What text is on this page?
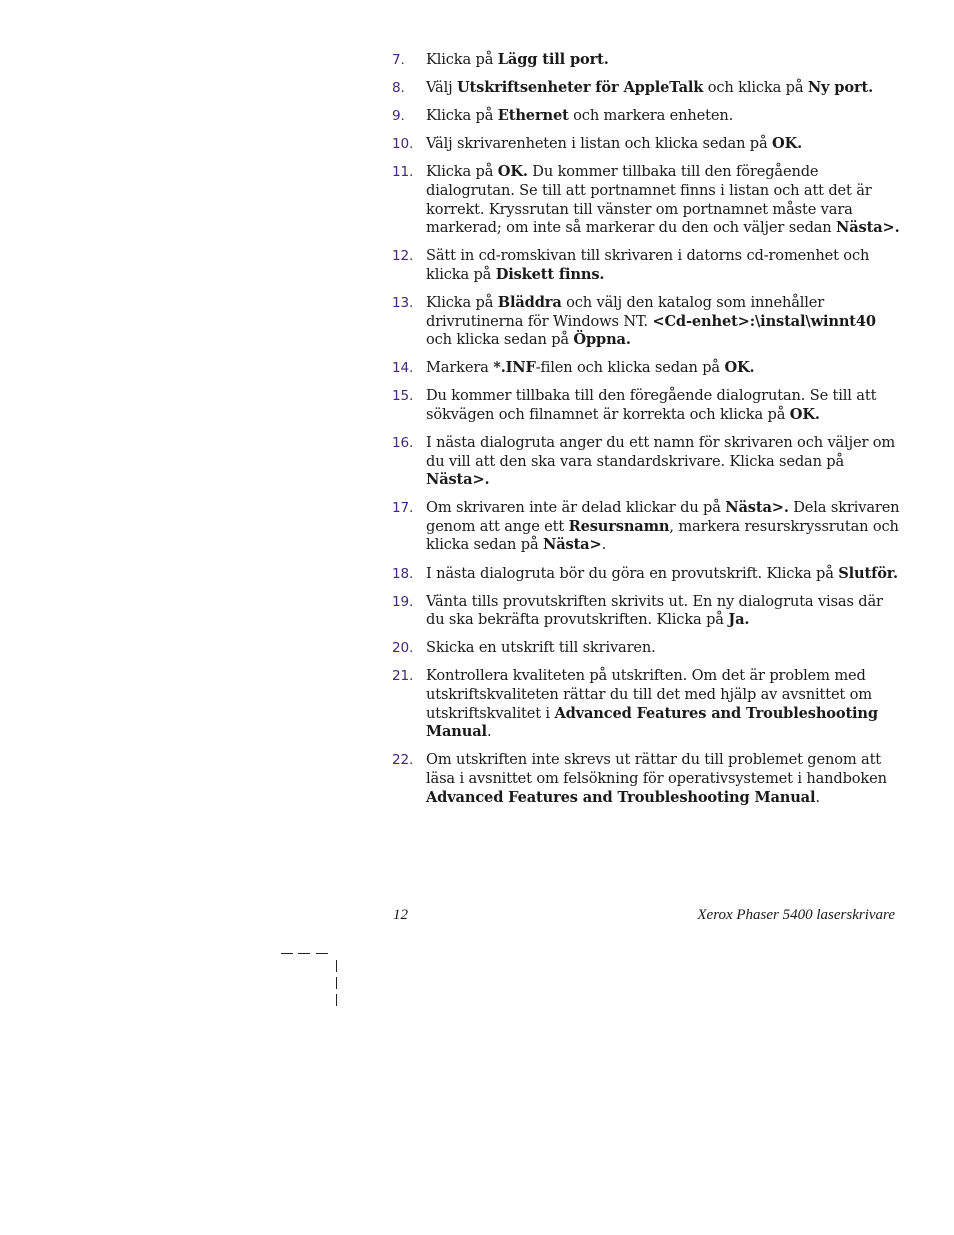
7. Klicka på Lägg till port.
8. Välj Utskriftsenheter för AppleTalk och klicka på Ny port.
9. Klicka på Ethernet och markera enheten.
10. Välj skrivarenheten i listan och klicka sedan på OK.
11. Klicka på OK. Du kommer tillbaka till den föregående dialogrutan. Se till att portnamnet finns i listan och att det är korrekt. Kryssrutan till vänster om portnamnet måste vara markerad; om inte så markerar du den och väljer sedan Nästa>.
12. Sätt in cd-romskivan till skrivaren i datorns cd-romenhet och klicka på Diskett finns.
13. Klicka på Bläddra och välj den katalog som innehåller drivrutinerna för Windows NT. <Cd-enhet>:\instal\winnt40 och klicka sedan på Öppna.
14. Markera *.INF-filen och klicka sedan på OK.
15. Du kommer tillbaka till den föregående dialogrutan. Se till att sökvägen och filnamnet är korrekta och klicka på OK.
16. I nästa dialogruta anger du ett namn för skrivaren och väljer om du vill att den ska vara standardskrivare. Klicka sedan på Nästa>.
17. Om skrivaren inte är delad klickar du på Nästa>. Dela skrivaren genom att ange ett Resursnamn, markera resurskryssrutan och klicka sedan på Nästa>.
18. I nästa dialogruta bör du göra en provutskrift. Klicka på Slutför.
19. Vänta tills provutskriften skrivits ut. En ny dialogruta visas där du ska bekräfta provutskriften. Klicka på Ja.
20. Skicka en utskrift till skrivaren.
21. Kontrollera kvaliteten på utskriften. Om det är problem med utskriftskvaliteten rättar du till det med hjälp av avsnittet om utskriftskvalitet i Advanced Features and Troubleshooting Manual.
22. Om utskriften inte skrevs ut rättar du till problemet genom att läsa i avsnittet om felsökning för operativsystemet i handboken Advanced Features and Troubleshooting Manual.
12	Xerox Phaser 5400 laserskrivare
